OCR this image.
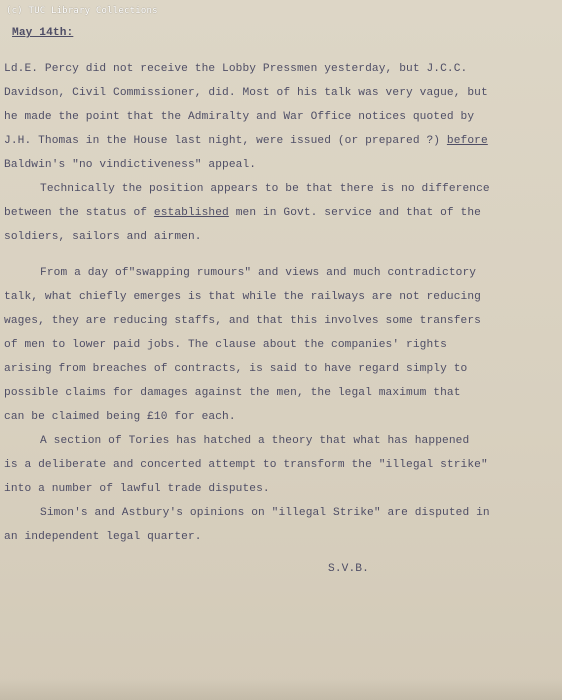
(c) TUC Library Collections
May 14th:
Ld.E. Percy did not receive the Lobby Pressmen yesterday, but J.C.C.
Davidson, Civil Commissioner, did. Most of his talk was very vague, but
he made the point that the Admiralty and War Office notices quoted by
J.H. Thomas in the House last night, were issued (or prepared ?) before
Baldwin's "no vindictiveness" appeal.
Technically the position appears to be that there is no difference
between the status of established men in Govt. service and that of the
soldiers, sailors and airmen.
From a day of"swapping rumours" and views and much contradictory
talk, what chiefly emerges is that while the railways are not reducing
wages, they are reducing staffs, and that this involves some transfers
of men to lower paid jobs. The clause about the companies' rights
arising from breaches of contracts, is said to have regard simply to
possible claims for damages against the men, the legal maximum that
can be claimed being £10 for each.
A section of Tories has hatched a theory that what has happened
is a deliberate and concerted attempt to transform the "illegal strike"
into a number of lawful trade disputes.
Simon's and Astbury's opinions on "illegal Strike" are disputed in
an independent legal quarter.
S.V.B.
